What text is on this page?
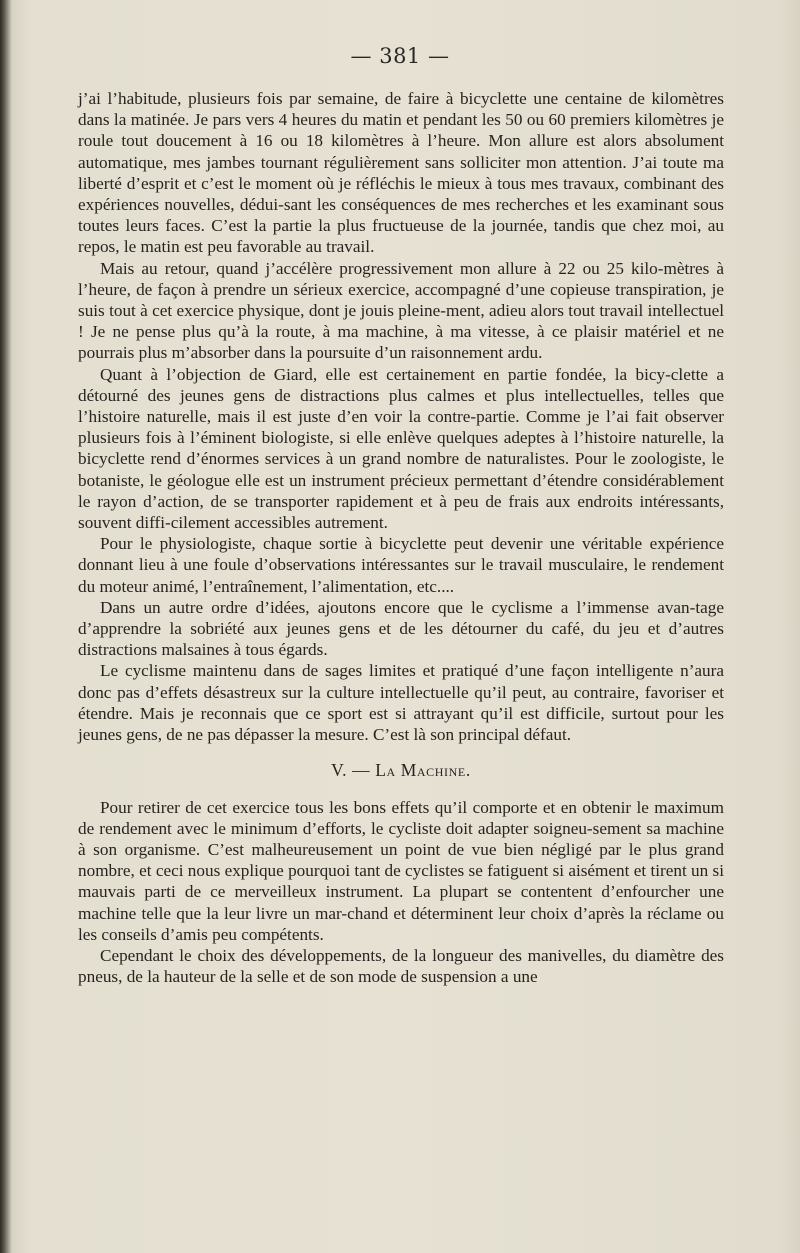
— 381 —

j’ai l’habitude, plusieurs fois par semaine, de faire à bicyclette une centaine de kilomètres dans la matinée. Je pars vers 4 heures du matin et pendant les 50 ou 60 premiers kilomètres je roule tout doucement à 16 ou 18 kilomètres à l’heure. Mon allure est alors absolument automatique, mes jambes tournant régulièrement sans solliciter mon attention. J’ai toute ma liberté d’esprit et c’est le moment où je réfléchis le mieux à tous mes travaux, combinant des expériences nouvelles, dédui-sant les conséquences de mes recherches et les examinant sous toutes leurs faces. C’est la partie la plus fructueuse de la journée, tandis que chez moi, au repos, le matin est peu favorable au travail.

Mais au retour, quand j’accélère progressivement mon allure à 22 ou 25 kilo-mètres à l’heure, de façon à prendre un sérieux exercice, accompagné d’une copieuse transpiration, je suis tout à cet exercice physique, dont je jouis pleine-ment, adieu alors tout travail intellectuel ! Je ne pense plus qu’à la route, à ma machine, à ma vitesse, à ce plaisir matériel et ne pourrais plus m’absorber dans la poursuite d’un raisonnement ardu.

Quant à l’objection de Giard, elle est certainement en partie fondée, la bicy-clette a détourné des jeunes gens de distractions plus calmes et plus intellectuelles, telles que l’histoire naturelle, mais il est juste d’en voir la contre-partie. Comme je l’ai fait observer plusieurs fois à l’éminent biologiste, si elle enlève quelques adeptes à l’histoire naturelle, la bicyclette rend d’énormes services à un grand nombre de naturalistes. Pour le zoologiste, le botaniste, le géologue elle est un instrument précieux permettant d’étendre considérablement le rayon d’action, de se transporter rapidement et à peu de frais aux endroits intéressants, souvent diffi-cilement accessibles autrement.

Pour le physiologiste, chaque sortie à bicyclette peut devenir une véritable expérience donnant lieu à une foule d’observations intéressantes sur le travail musculaire, le rendement du moteur animé, l’entraînement, l’alimentation, etc....

Dans un autre ordre d’idées, ajoutons encore que le cyclisme a l’immense avan-tage d’apprendre la sobriété aux jeunes gens et de les détourner du café, du jeu et d’autres distractions malsaines à tous égards.

Le cyclisme maintenu dans de sages limites et pratiqué d’une façon intelligente n’aura donc pas d’effets désastreux sur la culture intellectuelle qu’il peut, au contraire, favoriser et étendre. Mais je reconnais que ce sport est si attrayant qu’il est difficile, surtout pour les jeunes gens, de ne pas dépasser la mesure. C’est là son principal défaut.

V. — La Machine.

Pour retirer de cet exercice tous les bons effets qu’il comporte et en obtenir le maximum de rendement avec le minimum d’efforts, le cycliste doit adapter soigneu-sement sa machine à son organisme. C’est malheureusement un point de vue bien négligé par le plus grand nombre, et ceci nous explique pourquoi tant de cyclistes se fatiguent si aisément et tirent un si mauvais parti de ce merveilleux instrument. La plupart se contentent d’enfourcher une machine telle que la leur livre un mar-chand et déterminent leur choix d’après la réclame ou les conseils d’amis peu compétents.

Cependant le choix des développements, de la longueur des manivelles, du diamètre des pneus, de la hauteur de la selle et de son mode de suspension a une
